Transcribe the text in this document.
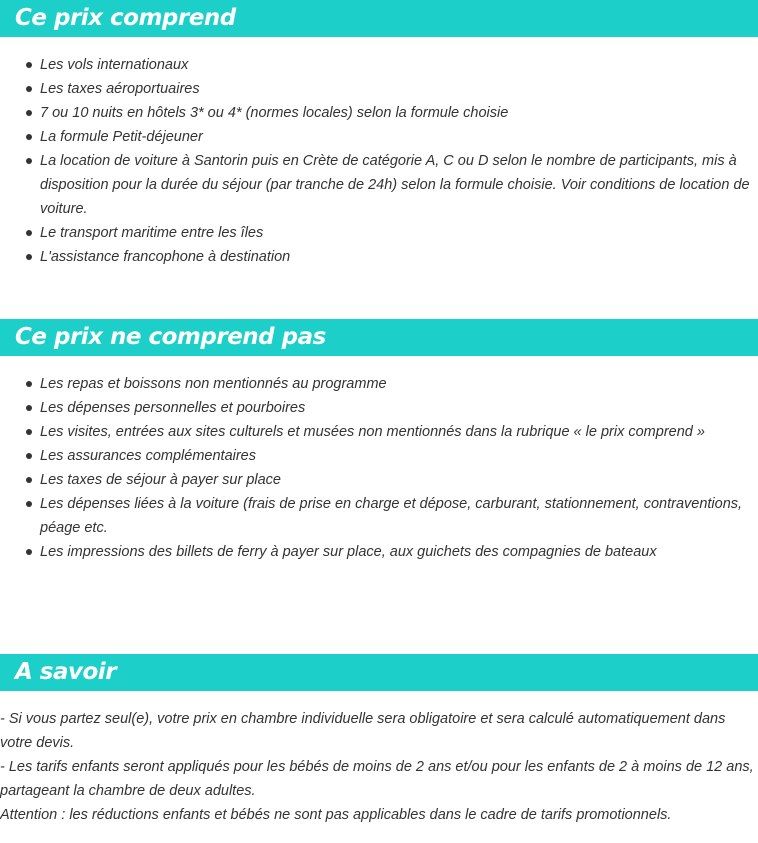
Ce prix comprend
Les vols internationaux
Les taxes aéroportuaires
7 ou 10 nuits en hôtels 3* ou 4* (normes locales) selon la formule choisie
La formule Petit-déjeuner
La location de voiture à Santorin puis en Crète de catégorie A, C ou D selon le nombre de participants, mis à disposition pour la durée du séjour (par tranche de 24h) selon la formule choisie. Voir conditions de location de voiture.
Le transport maritime entre les îles
L'assistance francophone à destination
Ce prix ne comprend pas
Les repas et boissons non mentionnés au programme
Les dépenses personnelles et pourboires
Les visites, entrées aux sites culturels et musées non mentionnés dans la rubrique « le prix comprend »
Les assurances complémentaires
Les taxes de séjour à payer sur place
Les dépenses liées à la voiture (frais de prise en charge et dépose, carburant, stationnement, contraventions, péage etc.
Les impressions des billets de ferry à payer sur place, aux guichets des compagnies de bateaux
A savoir

- Si vous partez seul(e), votre prix en chambre individuelle sera obligatoire et sera calculé automatiquement dans votre devis.

- Les tarifs enfants seront appliqués pour les bébés de moins de 2 ans et/ou pour les enfants de 2 à moins de 12 ans, partageant la chambre de deux adultes.

Attention : les réductions enfants et bébés ne sont pas applicables dans le cadre de tarifs promotionnels.
